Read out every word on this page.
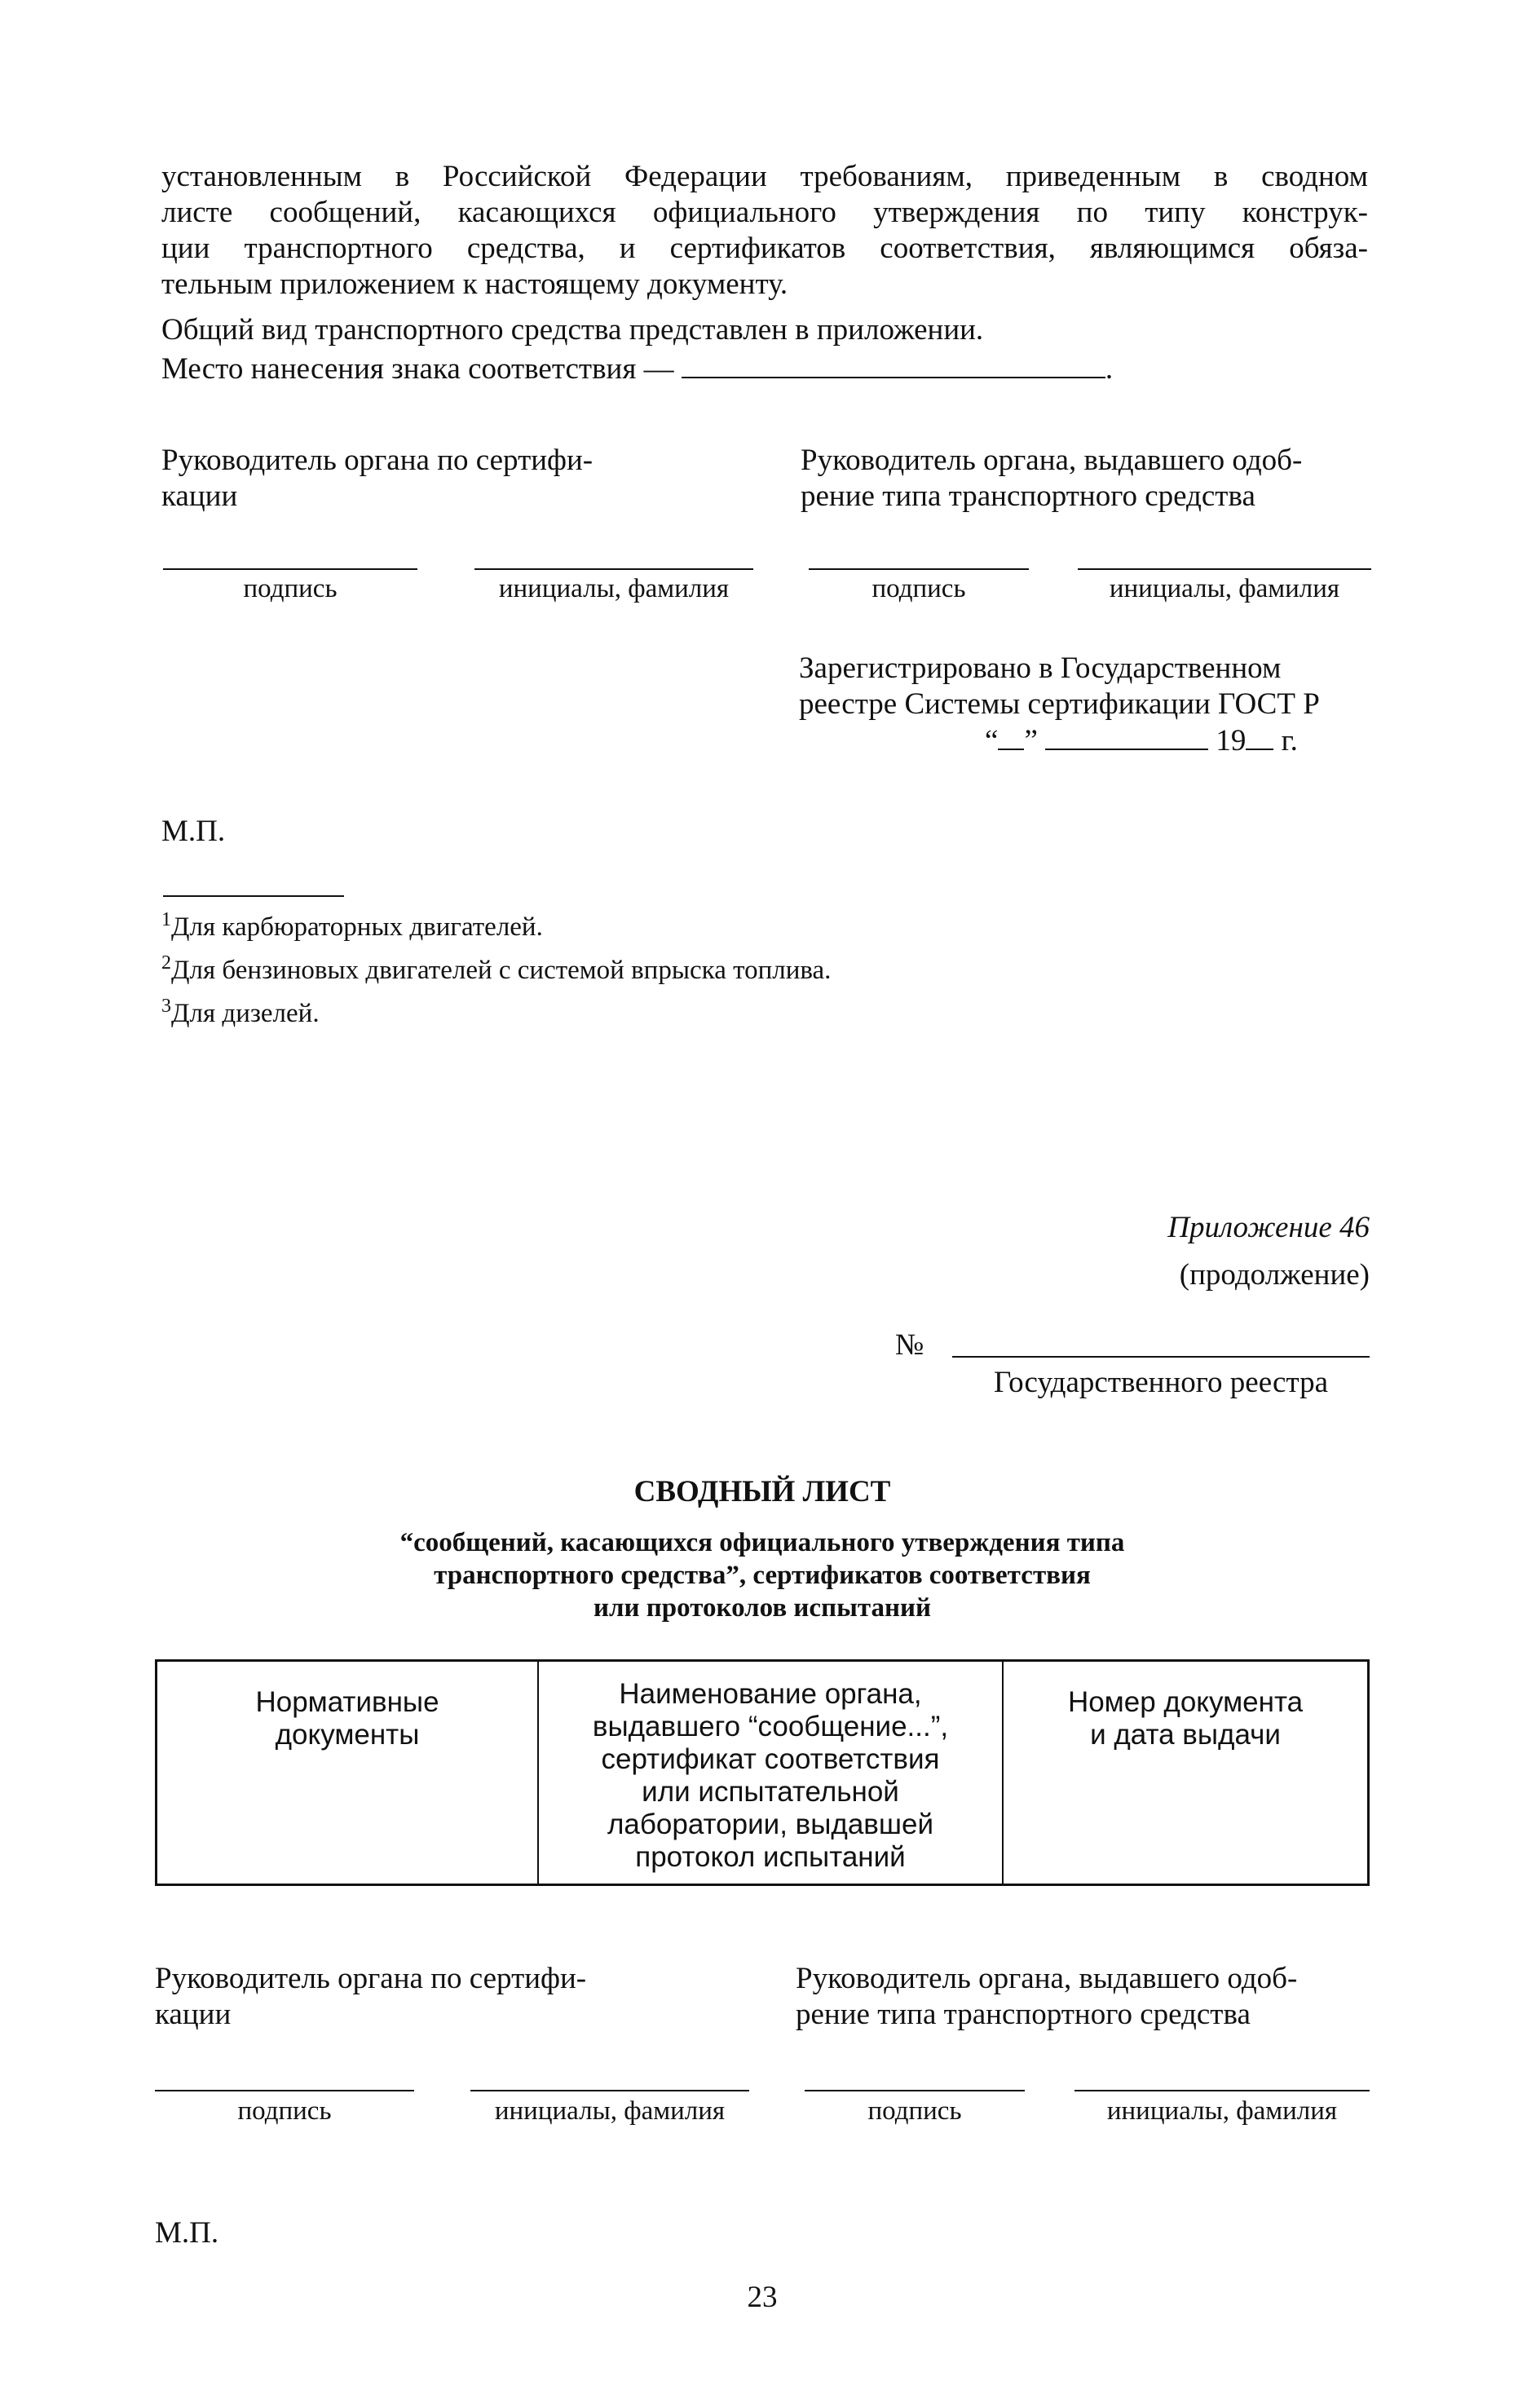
установленным в Российской Федерации требованиям, приведенным в сводном

листе сообщений, касающихся официального утверждения по типу конструк-

ции транспортного средства, и сертификатов соответствия, являющимся обяза-

тельным приложением к настоящему документу.

Общий вид транспортного средства представлен в приложении.
Место нанесения знака соответствия —	.
Руководитель органа по сертифи-
кации
Руководитель органа, выдавшего одоб-
рение типа транспортного средства
подпись	инициалы, фамилия	подпись	инициалы, фамилия
Зарегистрировано в Государственном
реестре Системы сертификации ГОСТ Р
“ ”	19 г.
М.П.
$^1$Для карбюраторных двигателей.
$^2$Для бензиновых двигателей с системой впрыска топлива.
$^3$Для дизелей.
Приложение 46
(продолжение)
№
Государственного реестра
СВОДНЫЙ ЛИСТ
“сообщений, касающихся официального утверждения типа
транспортного средства”, сертификатов соответствия
или протоколов испытаний
Нормативные
документы

Наименование органа,
выдавшего “сообщение...”,
сертификат соответствия
или испытательной
лаборатории, выдавшей
протокол испытаний

Номер документа
и дата выдачи
Руководитель органа по сертифи-
кации
Руководитель органа, выдавшего одоб-
рение типа транспортного средства
подпись	инициалы, фамилия	подпись	инициалы, фамилия
М.П.
23
